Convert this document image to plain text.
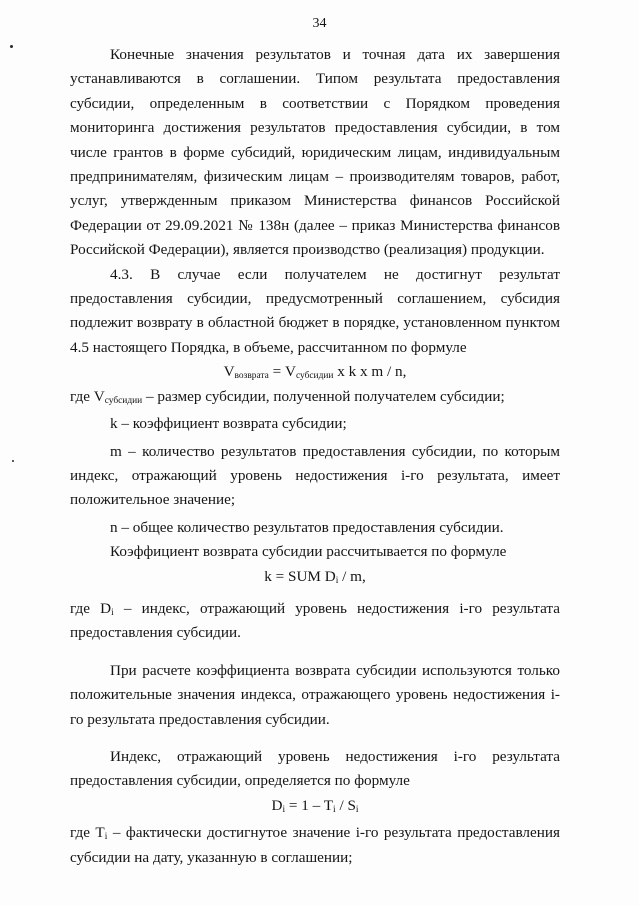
34

Конечные значения результатов и точная дата их завершения устанавливаются в соглашении. Типом результата предоставления субсидии, определенным в соответствии с Порядком проведения мониторинга достижения результатов предоставления субсидии, в том числе грантов в форме субсидий, юридическим лицам, индивидуальным предпринимателям, физическим лицам – производителям товаров, работ, услуг, утвержденным приказом Министерства финансов Российской Федерации от 29.09.2021 № 138н (далее – приказ Министерства финансов Российской Федерации), является производство (реализация) продукции.

4.3. В случае если получателем не достигнут результат предоставления субсидии, предусмотренный соглашением, субсидия подлежит возврату в областной бюджет в порядке, установленном пунктом 4.5 настоящего Порядка, в объеме, рассчитанном по формуле

$V_{возврата} = V_{субсидии}$ x k x m / n,

где $V_{субсидии}$ – размер субсидии, полученной получателем субсидии;

k – коэффициент возврата субсидии;

m – количество результатов предоставления субсидии, по которым индекс, отражающий уровень недостижения i-го результата, имеет положительное значение;

n – общее количество результатов предоставления субсидии.

Коэффициент возврата субсидии рассчитывается по формуле

k = SUM $D_i$ / m,

где $D_i$ – индекс, отражающий уровень недостижения i-го результата предоставления субсидии.

При расчете коэффициента возврата субсидии используются только положительные значения индекса, отражающего уровень недостижения i-го результата предоставления субсидии.

Индекс, отражающий уровень недостижения i-го результата предоставления субсидии, определяется по формуле

$D_i = 1 - T_i / S_i$

где $T_i$ – фактически достигнутое значение i-го результата предоставления субсидии на дату, указанную в соглашении;
